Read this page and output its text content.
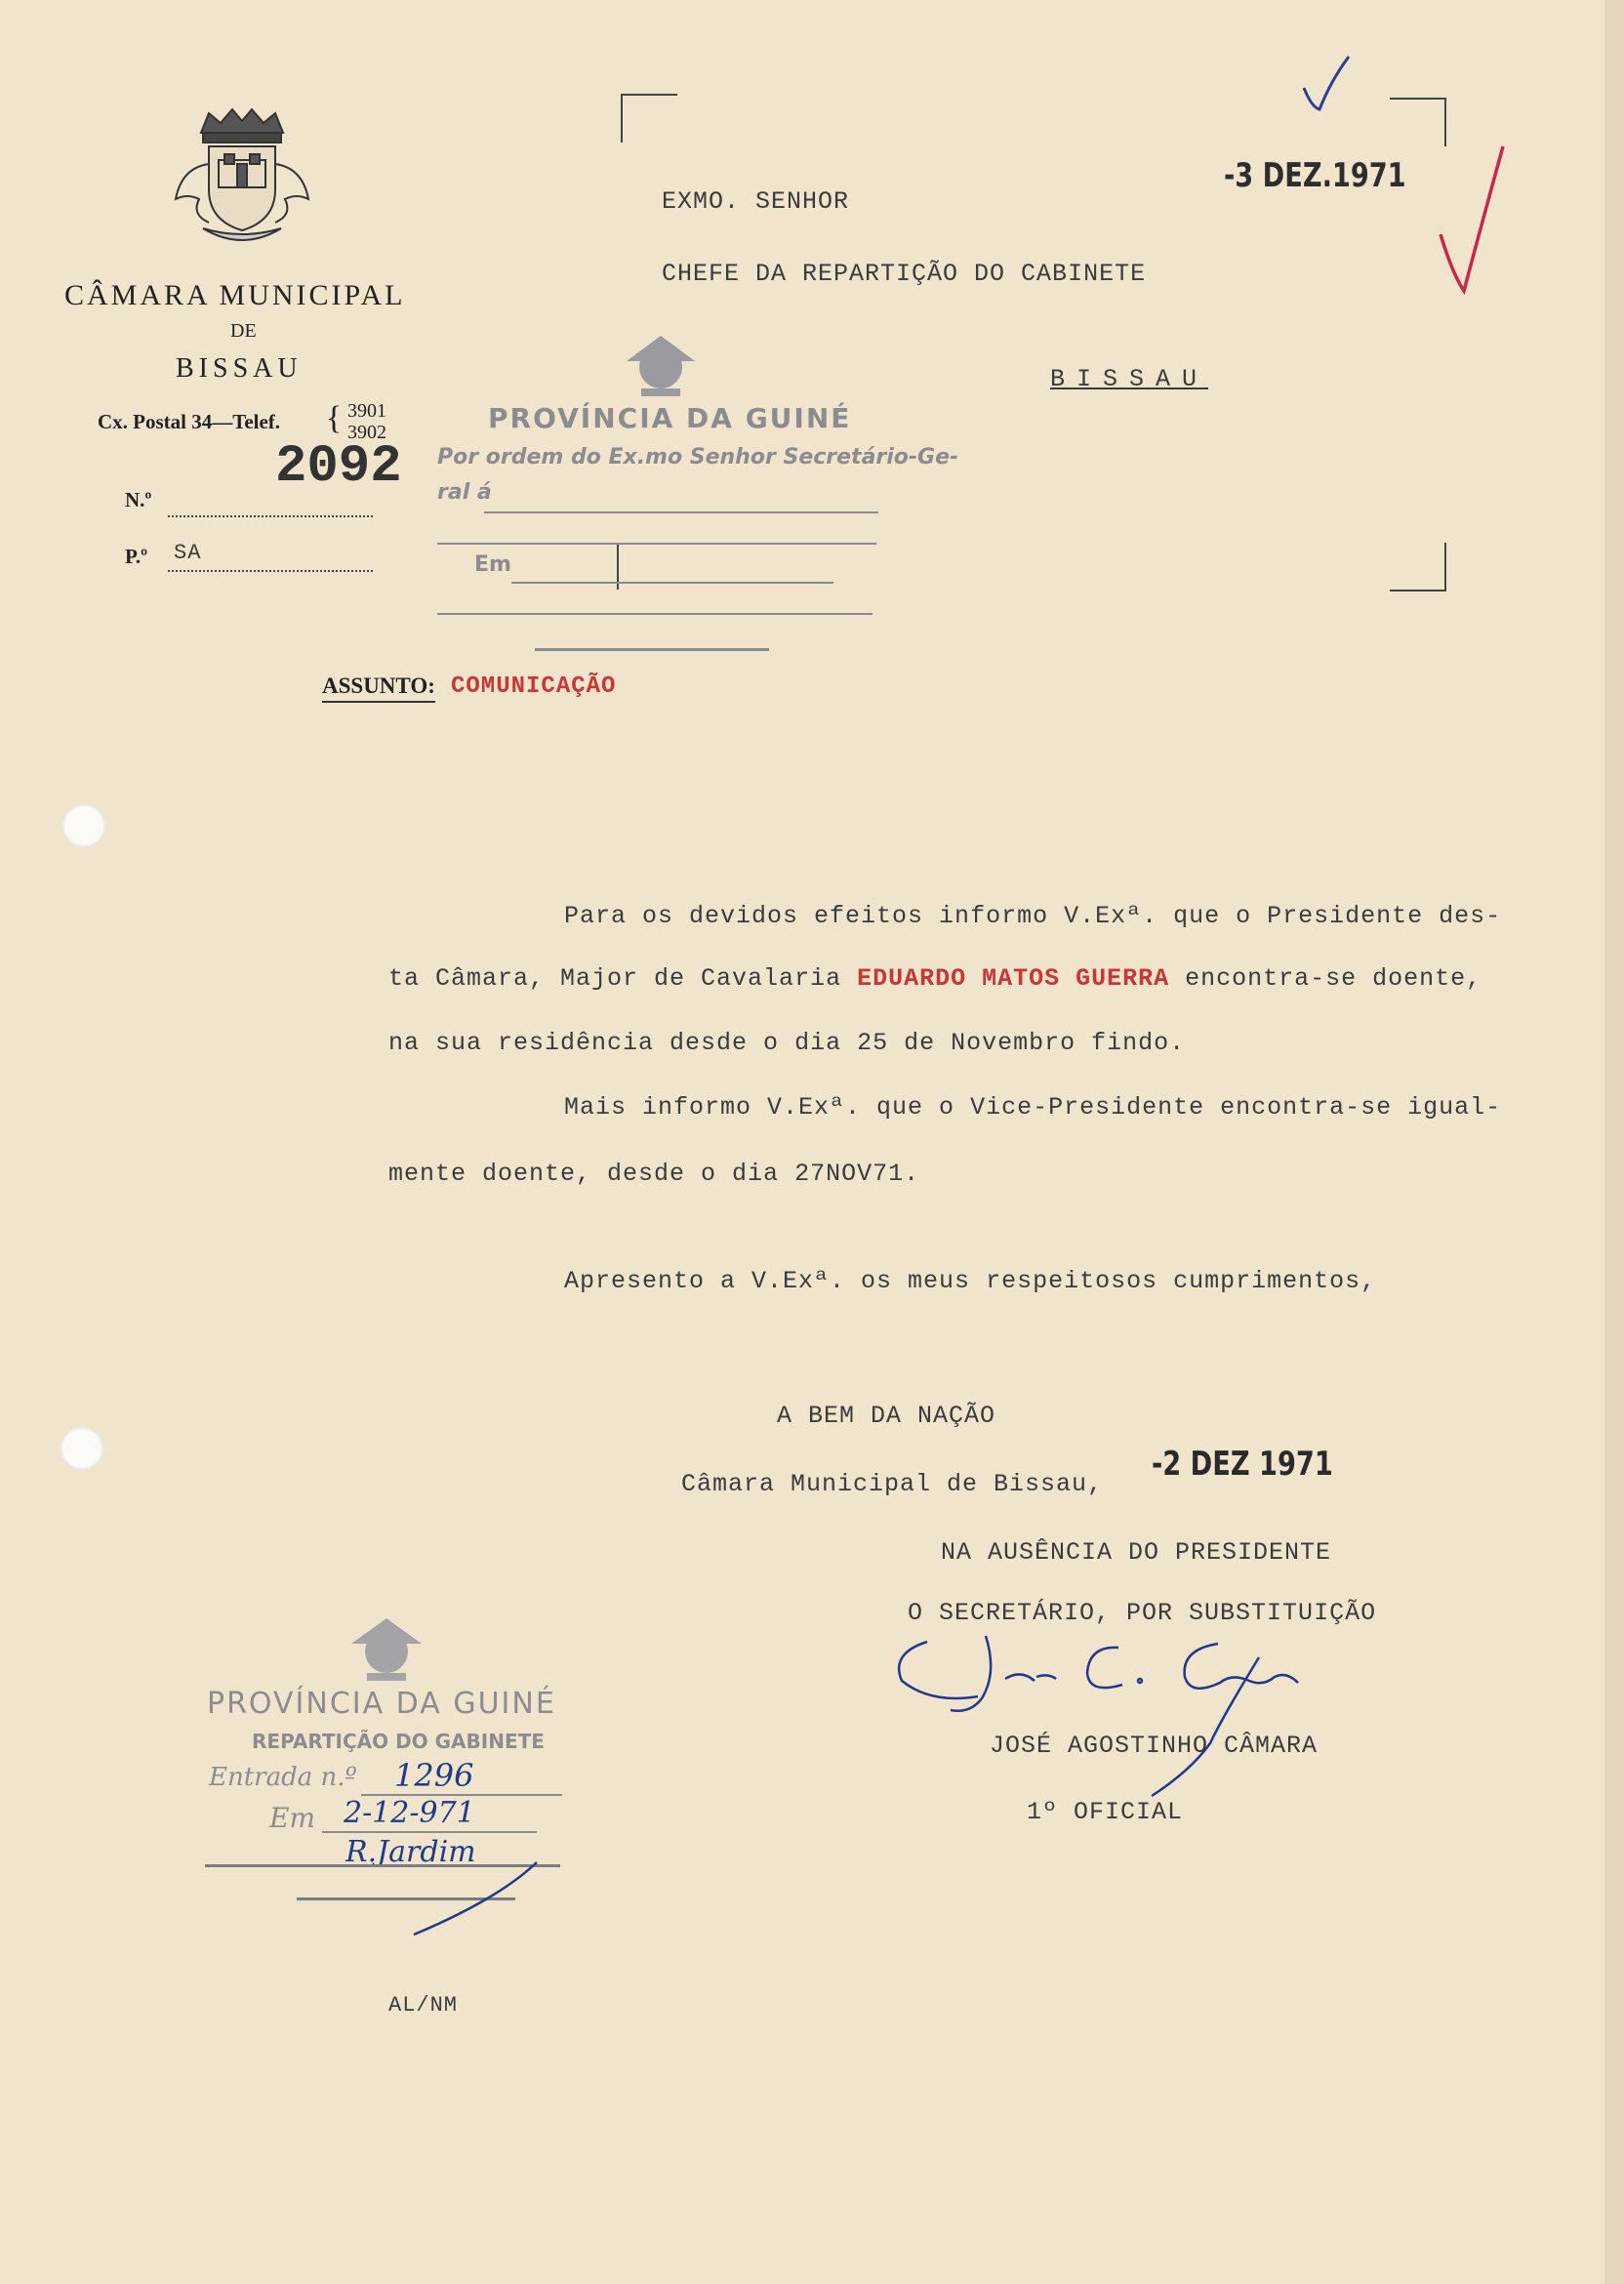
CÂMARA MUNICIPAL
DE
BISSAU
Cx. Postal 34—Telef. { 3901
3902
N.º
2092
P.º SA
EXMO. SENHOR
CHEFE DA REPARTIÇÃO DO CABINETE
BISSAU
-3 DEZ.1971
PROVÍNCIA DA GUINÉ
Por ordem do Ex.mo Senhor Secretário-Ge-
ral á
Em
ASSUNTO: COMUNICAÇÃO
Para os devidos efeitos informo V.Exª. que o Presidente des-
ta Câmara, Major de Cavalaria EDUARDO MATOS GUERRA encontra-se doente,
na sua residência desde o dia 25 de Novembro findo.
Mais informo V.Exª. que o Vice-Presidente encontra-se igual-
mente doente, desde o dia 27NOV71.
Apresento a V.Exª. os meus respeitosos cumprimentos,
A BEM DA NAÇÃO
Câmara Municipal de Bissau,
-2 DEZ 1971
NA AUSÊNCIA DO PRESIDENTE
O SECRETÁRIO, POR SUBSTITUIÇÃO
JOSÉ AGOSTINHO CÂMARA
1º OFICIAL
PROVÍNCIA DA GUINÉ
REPARTIÇÃO DO GABINETE
Entrada n.º 1296
Em 2-12-971
R.Jardim
AL/NM
